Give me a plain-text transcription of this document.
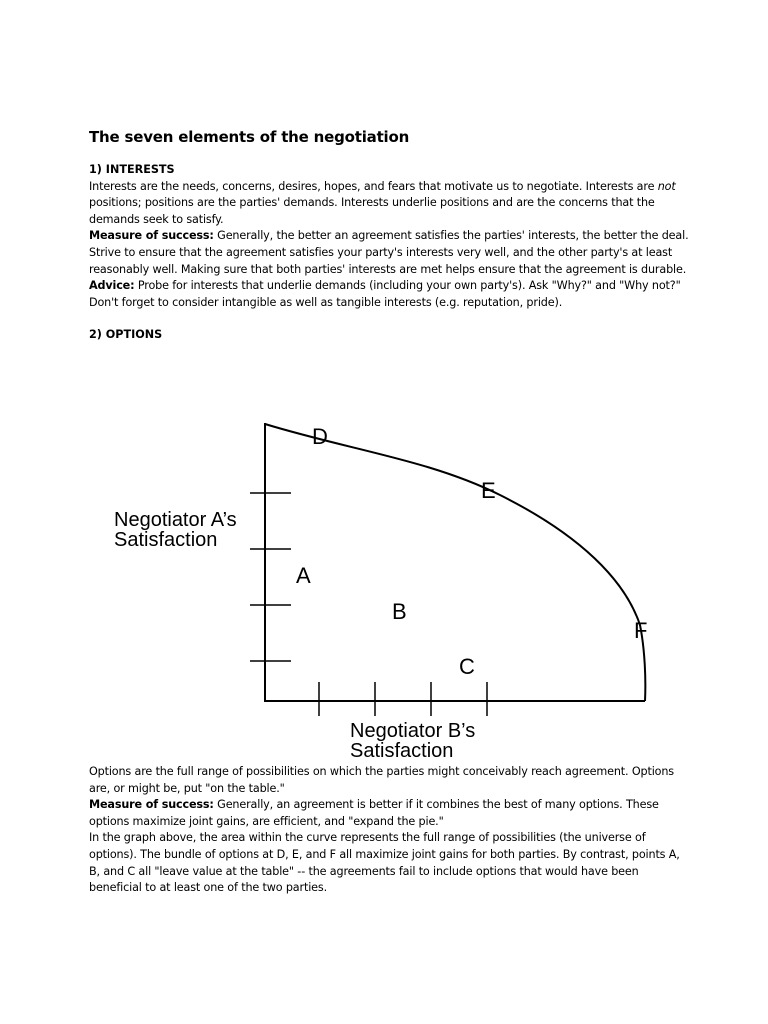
The seven elements of the negotiation
1) INTERESTS

Interests are the needs, concerns, desires, hopes, and fears that motivate us to negotiate. Interests are not positions; positions are the parties' demands. Interests underlie positions and are the concerns that the demands seek to satisfy.

Measure of success: Generally, the better an agreement satisfies the parties' interests, the better the deal. Strive to ensure that the agreement satisfies your party's interests very well, and the other party's at least reasonably well. Making sure that both parties' interests are met helps ensure that the agreement is durable.

Advice: Probe for interests that underlie demands (including your own party's). Ask "Why?" and "Why not?" Don't forget to consider intangible as well as tangible interests (e.g. reputation, pride).

2) OPTIONS
Negotiator A’s
Satisfaction
Negotiator B’s
Satisfaction
A
B
C
D
E
F

Options are the full range of possibilities on which the parties might conceivably reach agreement. Options are, or might be, put "on the table."

Measure of success: Generally, an agreement is better if it combines the best of many options. These options maximize joint gains, are efficient, and "expand the pie."

In the graph above, the area within the curve represents the full range of possibilities (the universe of options). The bundle of options at D, E, and F all maximize joint gains for both parties. By contrast, points A, B, and C all "leave value at the table" -- the agreements fail to include options that would have been beneficial to at least one of the two parties.
